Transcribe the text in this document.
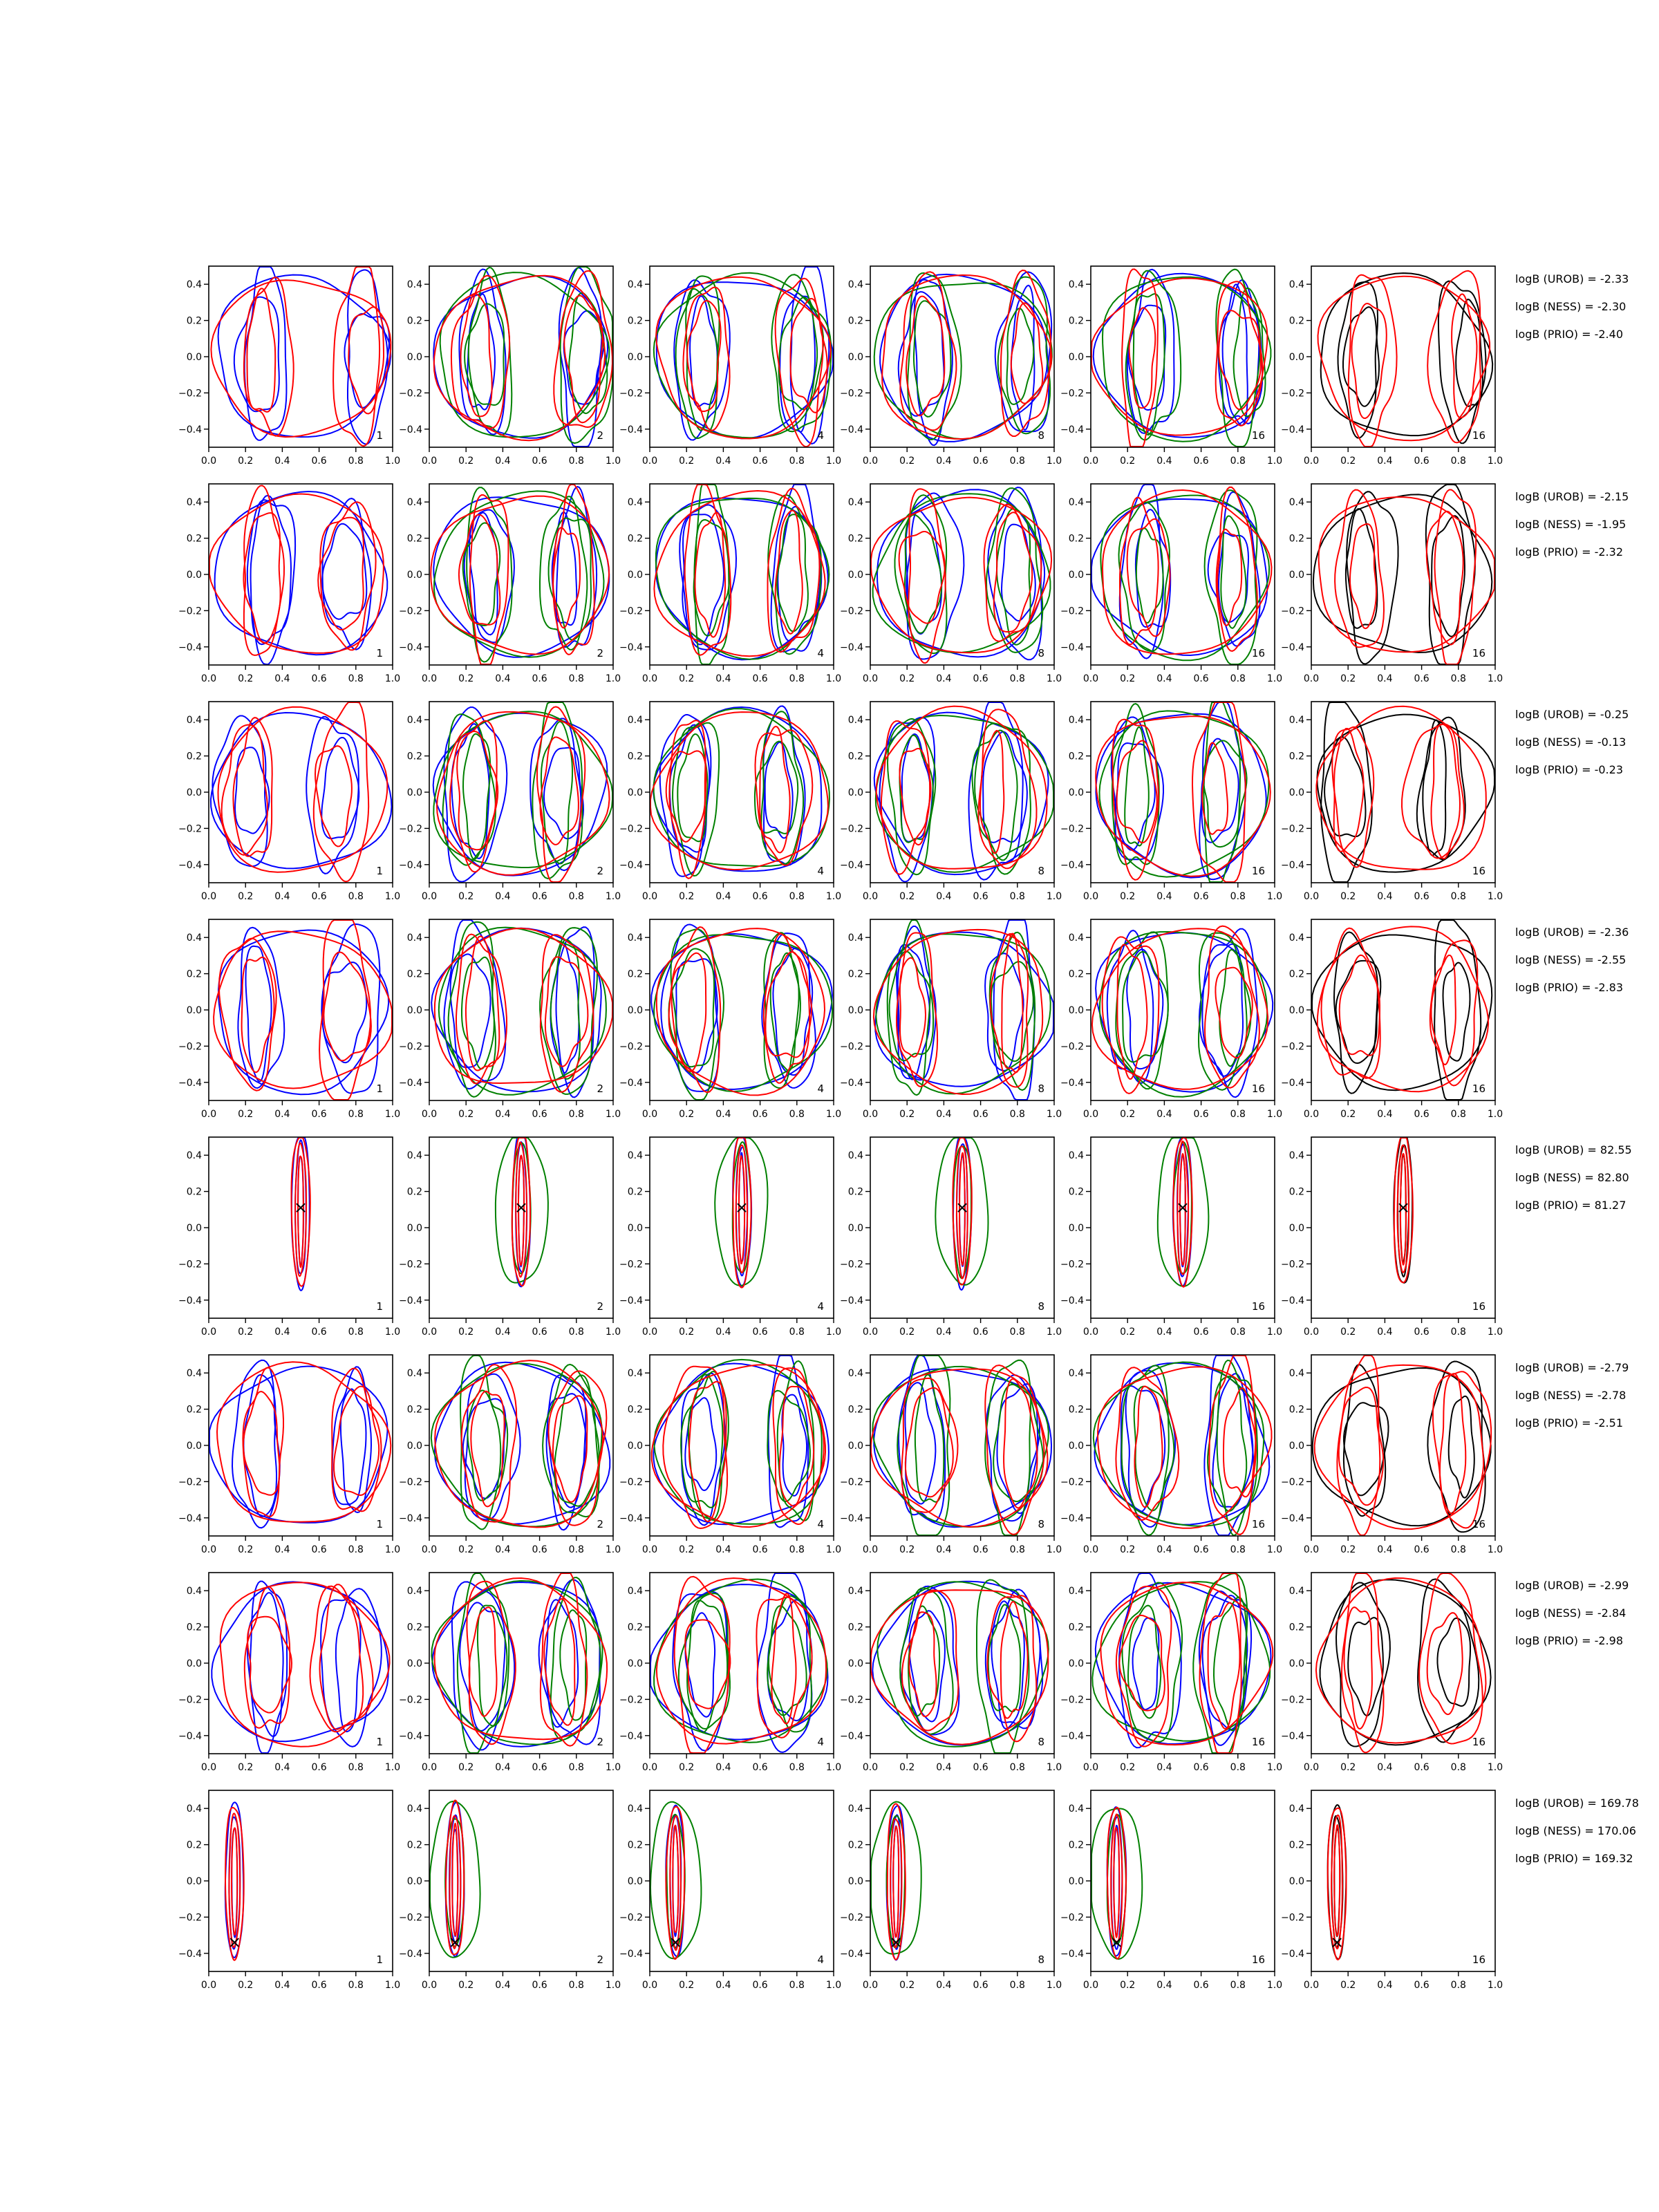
0.0 0.2 0.4 0.6 0.8 1.0
−0.4
−0.2
0.0
0.2
0.4
1
0.0 0.2 0.4 0.6 0.8 1.0
−0.4
−0.2
0.0
0.2
0.4
2
0.0 0.2 0.4 0.6 0.8 1.0
−0.4
−0.2
0.0
0.2
0.4
4
0.0 0.2 0.4 0.6 0.8 1.0
−0.4
−0.2
0.0
0.2
0.4
8
0.0 0.2 0.4 0.6 0.8 1.0
−0.4
−0.2
0.0
0.2
0.4
16
0.0 0.2 0.4 0.6 0.8 1.0
−0.4
−0.2
0.0
0.2
0.4
16
logB (UROB) = -2.33
logB (NESS) = -2.30
logB (PRIO) = -2.40
0.0 0.2 0.4 0.6 0.8 1.0
−0.4
−0.2
0.0
0.2
0.4
1
0.0 0.2 0.4 0.6 0.8 1.0
−0.4
−0.2
0.0
0.2
0.4
2
0.0 0.2 0.4 0.6 0.8 1.0
−0.4
−0.2
0.0
0.2
0.4
4
0.0 0.2 0.4 0.6 0.8 1.0
−0.4
−0.2
0.0
0.2
0.4
8
0.0 0.2 0.4 0.6 0.8 1.0
−0.4
−0.2
0.0
0.2
0.4
16
0.0 0.2 0.4 0.6 0.8 1.0
−0.4
−0.2
0.0
0.2
0.4
16
logB (UROB) = -2.15
logB (NESS) = -1.95
logB (PRIO) = -2.32
0.0 0.2 0.4 0.6 0.8 1.0
−0.4
−0.2
0.0
0.2
0.4
1
0.0 0.2 0.4 0.6 0.8 1.0
−0.4
−0.2
0.0
0.2
0.4
2
0.0 0.2 0.4 0.6 0.8 1.0
−0.4
−0.2
0.0
0.2
0.4
4
0.0 0.2 0.4 0.6 0.8 1.0
−0.4
−0.2
0.0
0.2
0.4
8
0.0 0.2 0.4 0.6 0.8 1.0
−0.4
−0.2
0.0
0.2
0.4
16
0.0 0.2 0.4 0.6 0.8 1.0
−0.4
−0.2
0.0
0.2
0.4
16
logB (UROB) = -0.25
logB (NESS) = -0.13
logB (PRIO) = -0.23
0.0 0.2 0.4 0.6 0.8 1.0
−0.4
−0.2
0.0
0.2
0.4
1
0.0 0.2 0.4 0.6 0.8 1.0
−0.4
−0.2
0.0
0.2
0.4
2
0.0 0.2 0.4 0.6 0.8 1.0
−0.4
−0.2
0.0
0.2
0.4
4
0.0 0.2 0.4 0.6 0.8 1.0
−0.4
−0.2
0.0
0.2
0.4
8
0.0 0.2 0.4 0.6 0.8 1.0
−0.4
−0.2
0.0
0.2
0.4
16
0.0 0.2 0.4 0.6 0.8 1.0
−0.4
−0.2
0.0
0.2
0.4
16
logB (UROB) = -2.36
logB (NESS) = -2.55
logB (PRIO) = -2.83
0.0 0.2 0.4 0.6 0.8 1.0
−0.4
−0.2
0.0
0.2
0.4
1
0.0 0.2 0.4 0.6 0.8 1.0
−0.4
−0.2
0.0
0.2
0.4
2
0.0 0.2 0.4 0.6 0.8 1.0
−0.4
−0.2
0.0
0.2
0.4
4
0.0 0.2 0.4 0.6 0.8 1.0
−0.4
−0.2
0.0
0.2
0.4
8
0.0 0.2 0.4 0.6 0.8 1.0
−0.4
−0.2
0.0
0.2
0.4
16
0.0 0.2 0.4 0.6 0.8 1.0
−0.4
−0.2
0.0
0.2
0.4
16
logB (UROB) = 82.55
logB (NESS) = 82.80
logB (PRIO) = 81.27
0.0 0.2 0.4 0.6 0.8 1.0
−0.4
−0.2
0.0
0.2
0.4
1
0.0 0.2 0.4 0.6 0.8 1.0
−0.4
−0.2
0.0
0.2
0.4
2
0.0 0.2 0.4 0.6 0.8 1.0
−0.4
−0.2
0.0
0.2
0.4
4
0.0 0.2 0.4 0.6 0.8 1.0
−0.4
−0.2
0.0
0.2
0.4
8
0.0 0.2 0.4 0.6 0.8 1.0
−0.4
−0.2
0.0
0.2
0.4
16
0.0 0.2 0.4 0.6 0.8 1.0
−0.4
−0.2
0.0
0.2
0.4
16
logB (UROB) = -2.79
logB (NESS) = -2.78
logB (PRIO) = -2.51
0.0 0.2 0.4 0.6 0.8 1.0
−0.4
−0.2
0.0
0.2
0.4
1
0.0 0.2 0.4 0.6 0.8 1.0
−0.4
−0.2
0.0
0.2
0.4
2
0.0 0.2 0.4 0.6 0.8 1.0
−0.4
−0.2
0.0
0.2
0.4
4
0.0 0.2 0.4 0.6 0.8 1.0
−0.4
−0.2
0.0
0.2
0.4
8
0.0 0.2 0.4 0.6 0.8 1.0
−0.4
−0.2
0.0
0.2
0.4
16
0.0 0.2 0.4 0.6 0.8 1.0
−0.4
−0.2
0.0
0.2
0.4
16
logB (UROB) = -2.99
logB (NESS) = -2.84
logB (PRIO) = -2.98
0.0 0.2 0.4 0.6 0.8 1.0
−0.4
−0.2
0.0
0.2
0.4
1
0.0 0.2 0.4 0.6 0.8 1.0
−0.4
−0.2
0.0
0.2
0.4
2
0.0 0.2 0.4 0.6 0.8 1.0
−0.4
−0.2
0.0
0.2
0.4
4
0.0 0.2 0.4 0.6 0.8 1.0
−0.4
−0.2
0.0
0.2
0.4
8
0.0 0.2 0.4 0.6 0.8 1.0
−0.4
−0.2
0.0
0.2
0.4
16
0.0 0.2 0.4 0.6 0.8 1.0
−0.4
−0.2
0.0
0.2
0.4
16
logB (UROB) = 169.78
logB (NESS) = 170.06
logB (PRIO) = 169.32
